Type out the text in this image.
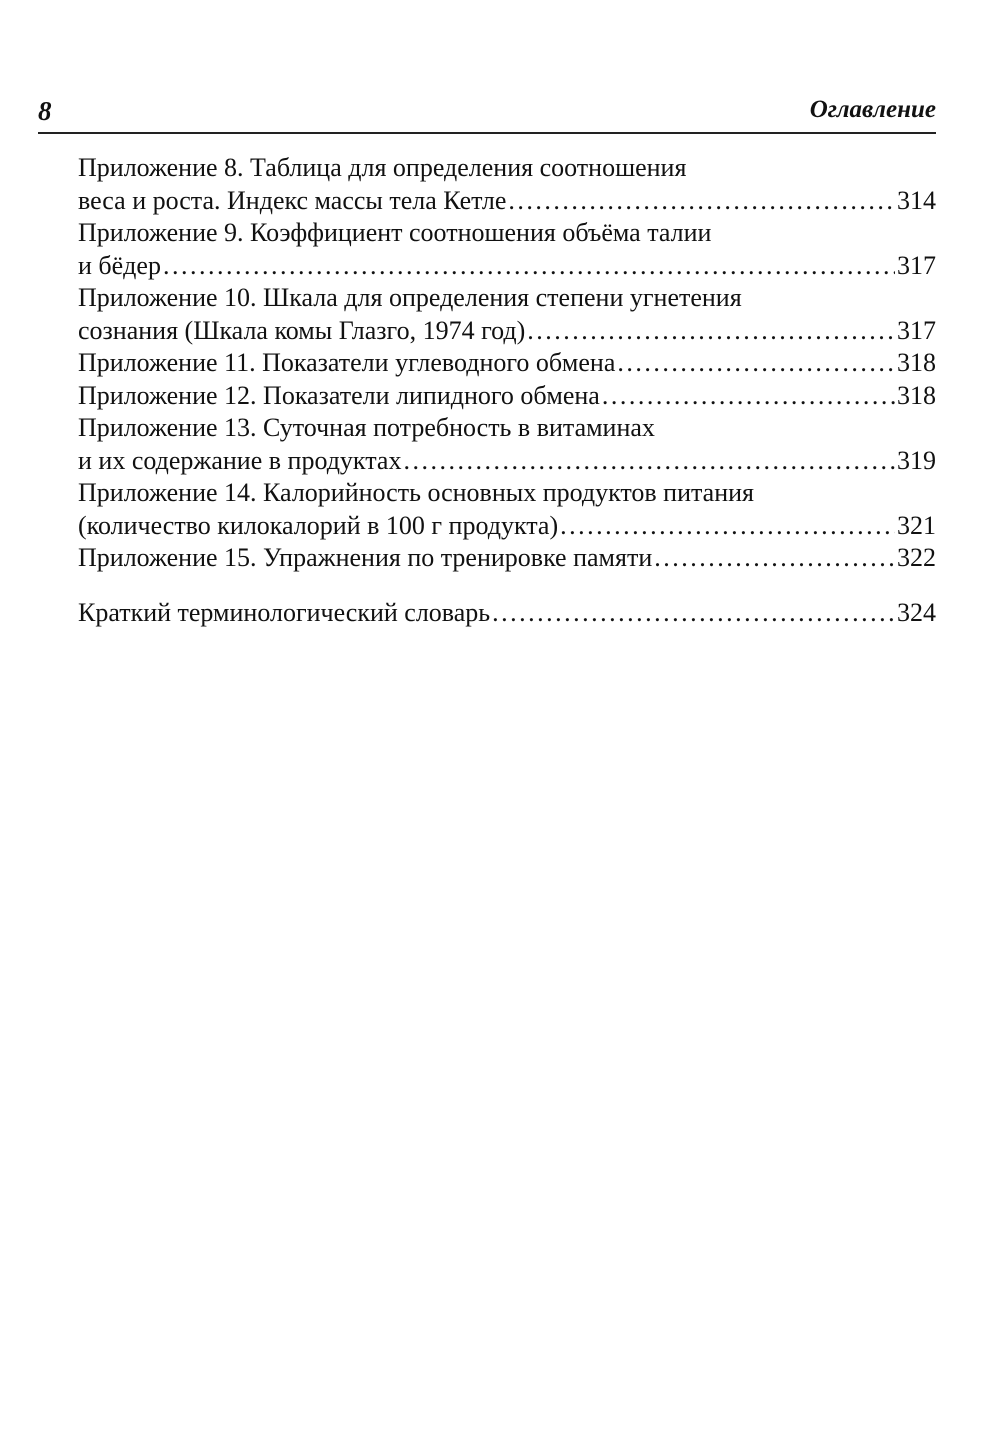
8	Оглавление
Приложение 8. Таблица для определения соотношения
веса и роста. Индекс массы тела Кетле . . .	314
Приложение 9. Коэффициент соотношения объёма талии
и бёдер . . .	317
Приложение 10. Шкала для определения степени угнетения
сознания (Шкала комы Глазго, 1974 год) . . .	317
Приложение 11. Показатели углеводного обмена . . .	318
Приложение 12. Показатели липидного обмена . . .	318
Приложение 13. Суточная потребность в витаминах
и их содержание в продуктах . . .	319
Приложение 14. Калорийность основных продуктов питания
(количество килокалорий в 100 г продукта) . . .	321
Приложение 15. Упражнения по тренировке памяти . . .	322
Краткий терминологический словарь . . .	324
